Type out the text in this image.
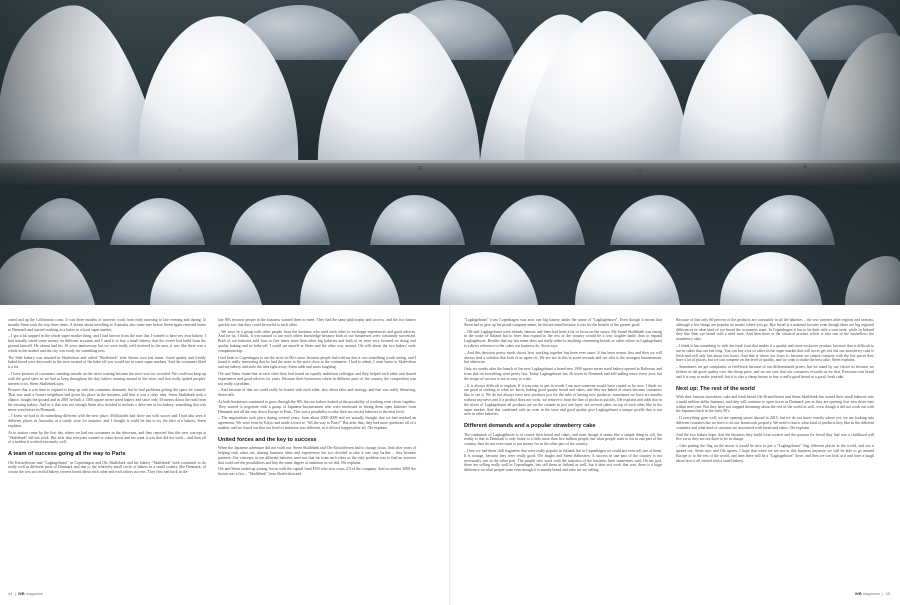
cured and up the Californian coast. It was three months of interests work from early morning to late evening and during 13 months Steen took the trip three times. A dream about travelling to Australia also came true before Steen again returned home to Denmark and started working as a baker in a local super market.

– I got a bit trapped in the whole super market thing, and I had known from the start that I wanted to have my own bakery. I had actually saved some money on different accounts and I used it to buy a small bakery, that the owner had build from the ground himself. He almost had his 10 years anniversary but we were really well received in the area, it was like there was a whole in the market and the city was ready for something new.

The little bakery was situated in Skalevikon and called "Skallebrek" after Steens own last name. Good quality and freshly baked bread were keywords in the store instead of the bake-off you would see in some super markets. And the costumers liked it a lot.

– I have pictures of costumers standing outside on the street waiting because the store was too crowded. We could not keep up with the good sales so we had to keep throughout the day, bakers running around in the store, and that really spiked peoples' interest to us, Steen Skallebæk says.

Pictures that it was time to expand to keep up with the costumers demands, but he had problems getting the space he wanted. That was until a former neighbour had given his place in the business told him it was a risky idea, Steen Skallebæk took a chance, bought the ground and in 2001 he built a 1300 square meter sized bakery and since only 30 meters down the road from his existing bakery. And in it that was not enough Steen also decided to include a drive-inn in his bakery, something that was never seen before in Denmark.

– I knew we had to do something different with the new place. McDonalds had drive inn with succes and I had also seen it different places in Australia, at a candy store for instance, and I thought it could be fun to try the idea at a bakery, Steen explains.

At to station came by the first day where we had ten costumers in the drive-inn, and they reported that this new concept at "Skallebæk" did not work. But after that everyone wanted to come down and see what it was that did not work – and then all of a sudden it worked extremely well.

A team of success going all the way to Paris

Ole Kristoffersen and "Lagkagehuset" in Copenhagen and Ole Skallebæk and his bakery "Skallebæk" both continued to do really well in different parts of Denmark and due to the relatively small circle of bakers in a small country like Denmark, of course the two successful bakery owners heard about each other and each others success. They first met back in the

late 80's because people in the business wanted them to meet. They had the same philosophy and success, and the two bakers quickly saw that they could be useful to each other.

– We were in a group with other people from the business who used each other to exchange experiences and good advices. And for us, I think, it was natural to use each others knowledge because both of our businesses were constantly successful. Both of our bakeries sold four or five times more than other big bakeries and both of us were very focused on doing real quality baking and no bake-off. I could see myself in Steen and the other way around, Ole tells about the two bakers' early companionship.

I had been to Copenhagen to see the store in Ole's store, because people had told me that it was something worth seeing, and I found it really interesting that he had the store in the store close to the costumers. I had to admit, I went home to Skalevikon and my bakery and stole the idea right away, Steen adds and starts laughing.

Ole and Steen found that in each other they had found an equally ambitious colleague and they helped each other and shared experiences and good advices for years. Because their businesses where in different parts of the country, the competition was not really a problem.

– And because of that we could really be honest with each other, also about sales and strategy, and that was really lifesaving, Steen tells.

As both businesses continued to grow through the 90's the two bakers looked at the possibility of working even closer together. They started to negotiate with a group of Japanese businessmen who were interested in letting them open bakeries from Denmark and all the way down Europe to Paris. This was a possibility to take their successful bakeries to the next level.

– The negotiations took place during several years, from about 2000-2009 and we actually thought that we had reached an agreement. We were even in Tokyo and made a toast to "All the way to Paris!" But after that, they had more questions all of a sudden, and we found out that our level of ambition was different, so it did not happen after all, Ole explains.

United forces and the key to success

When the Japanese adventure did not work out, Steen Skallebæk and Ole Kristoffersen had to change focus. And after years of helping each other out, sharing business ideas and experiences the two decided to take it one step further – they became partners. Our concepts in our different bakeries were not that far from each other so the only problem was to find an investor that could see the possibilities and buy the same degree of ambition as we did, Ole explains.

Ole and Steen ended up joining forces with the capital fund FSN who now owns 2/3 of the company. And in october 2008 the fusion was a fact – "Skallebæk" from Skalevikon and

"Lagkagehuset" from Copenhagen was now one big bakery under the name of "Lagkagehuset". Even though it meant that Steen had to give up his proud company name, he did not mind because it was for the benefit of the greater good.

– Ole and Lagkagehuset were already famous and there had been a lot of focus on the stores. My brand Skallebæk was strong in the south of Jutland but to have that expand to the rest of the country would be a way tougher battle than to expand Lagkagehuset. Besides that my last name does not really relate to anything concerning breads or cakes where as Lagkagehuset is a direct reference to the cakes our business do, Steen says.

– And this decision pretty much shows how working together has been ever since. It has been reason first and then we will always find a solution that both of us agree on. We are not in this to score rewards and see who is the strongest businessman, but otherwise.

Only six weeks after the launch of the new Lagkagehuset a brand new 1900 square meter sized bakery opened in Rahovna, and from that on everything went pretty fast. Today Lagkagehuset has 26 stores in Denmark and still adding more every year, but the recipe of success is not so easy to write.

– It is always difficult to explain. If it was easy to put in words I am sure someone would have copied us by now. I think we are good at sticking to what we know, baking good quality bread and cakes, and they are baked at stores because costumers like to see it. We do not always have new products just for the sake of having new products, sometimes we have six months without any news and if a product does not work, we remove it from the line of products quickly, Ole explains and adds that in the stores of Lagkagehuset all products are on the counter in just one layer, not several cakes on top of each other like in the super market. And that combined with an oven in the store and good quality give Lagkagehuset a unique profile that is not seen in other bakeries.

Different demands and a popular strawberry cake

The trademark of Lagkagehuset is of course their bread and cakes, and even though it seems like a simple thing to sell, the reality is that in Denmark is only home to a little more than five million people, but what people want to eat in one part of the country, they do not even want to put money for in the other part of the country.

– Once we had these chill baguettes that were really popular in Jutland, but in Copenhagen we could not even sell one of them. It is strange, because they were really good. Ole laughs and Steen elaborates: A success in one part of the country is not necessarily one in the other part. The people who work with the statistics of the business have sometimes said, Oh my god, these are selling really well in Copenhagen, lets sell them in Jutland as well, but it does not work that way, there is a huge difference on what people want even though it is mainly bread and cake we are selling.

Because of that only 60 percent of the products are constantly in all the bakeries – the rest varieties after regions and seasons, although a few things are popular no matter where you go. Rye bread is a national favorite even though there are big regional differences in what kind of rye bread the costumers want. In Copenhagen it has to be dark with a sour taste, while in Jutland they like their rye bread with a mild taste. And then there is the classical product which is also one of the bestsellers: the strawberry cake.

– I think it has something to with the fresh fruit that makes it a quality and more exclusive product, because that is difficult to use in cakes that can last long. You can buy a lot of cakes in the super market that will never get old, but our strawberry cake is fresh and will only last about two hours. And that is where our focus is: because we cannot compete with the low prices they have a lot of places, but we can compete on the level of quality, and we want to make the best cake, Steen explains.

– Sometimes we get complaints or feed-back because of our differentiated prices, but we stand by our choice as because we believe in the good quality over the cheap price, and we are sure that our costumers rewards us for that. Everyone eats bread and it is easy to make yourself, but it is also a cheap luxury to buy a really good bread or a good, fresh cake.

Next up: The rest of the world

With their famous strawberry cake and fresh bread Ole Kristoffersen and Steen Skallebæk has turned their small bakeries into a multi million dollar business, and they will continue to open stores in Denmark just as they are opening four new drive-inns within next year. But they have not stopped dreaming about the rest of the world as well, even though it did not work out with the Japanese back in the early 90's.

– If everything goes well, we are opening stores abroad in 2015, but we do not know exactly where yet, we are looking into different countries but we have to do our homework properly. We need to know what kind of products they like in the different countries and what kind of customs are associated with bread and cakes, Ole explains.

And the two bakers hope, that the business they build from scratch and the passion for bread they had was a childhood will live on so they are not there to be in charge.

– Like putting the flag on the moon it would be nice to put a "Lagkagehuset" flag different places in the world, and see it spread out, Steen says and Ole agrees: I hope that when we are not in this business anymore we will be able to go around Europe or to the rest of the world, and then there will be a "Lagkagehuset" there, and then we can look at it and have a laugh about how it all started with a small bakery.

44  |  WB magazine	WB magazine  |  45
